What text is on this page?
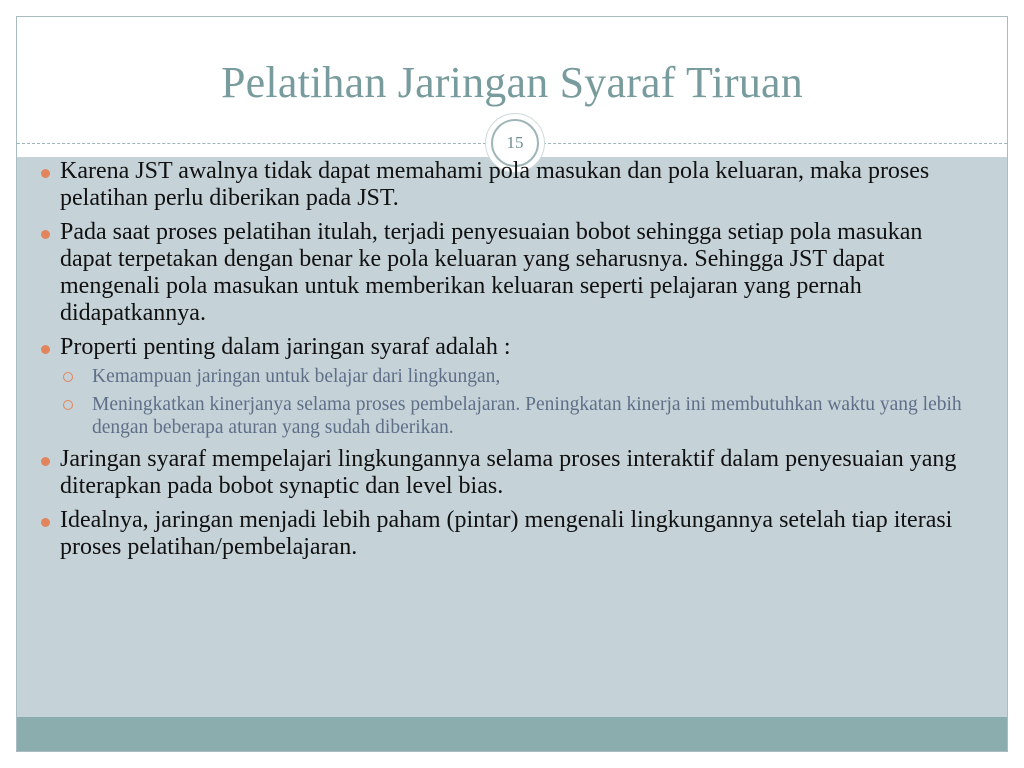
Pelatihan Jaringan Syaraf Tiruan
15
Karena JST awalnya tidak dapat memahami pola masukan dan pola keluaran, maka proses pelatihan perlu diberikan pada JST.
Pada saat proses pelatihan itulah, terjadi penyesuaian bobot sehingga setiap pola masukan dapat terpetakan dengan benar ke pola keluaran yang seharusnya. Sehingga JST dapat mengenali pola masukan untuk memberikan keluaran seperti pelajaran yang pernah didapatkannya.
Properti penting dalam jaringan syaraf adalah :
Kemampuan jaringan untuk belajar dari lingkungan,
Meningkatkan kinerjanya selama proses pembelajaran. Peningkatan kinerja ini membutuhkan waktu yang lebih dengan beberapa aturan yang sudah diberikan.
Jaringan syaraf mempelajari lingkungannya selama proses interaktif dalam penyesuaian yang diterapkan pada bobot synaptic dan level bias.
Idealnya, jaringan menjadi lebih paham (pintar) mengenali lingkungannya setelah tiap iterasi proses pelatihan/pembelajaran.
